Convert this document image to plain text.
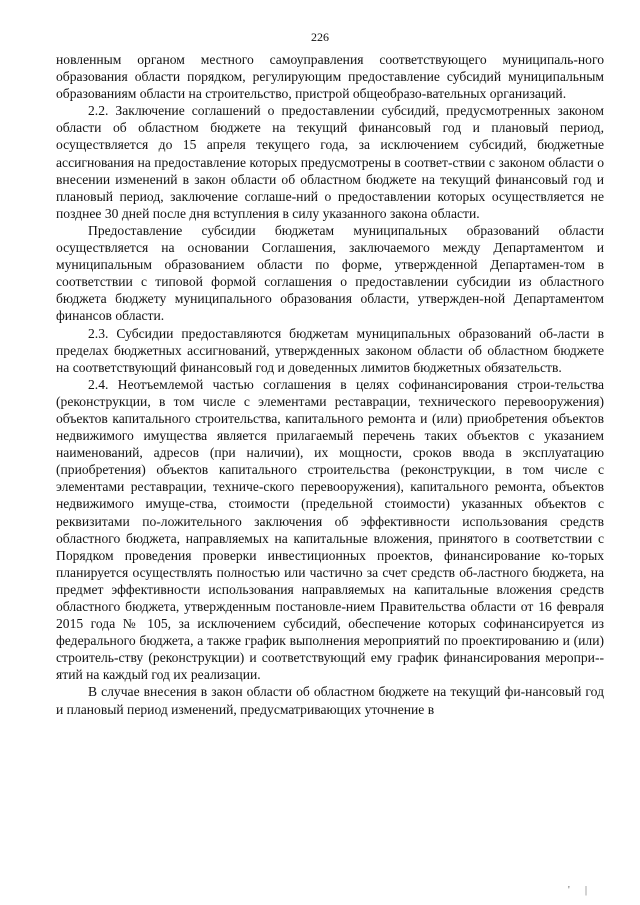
226

новленным органом местного самоуправления соответствующего муниципаль-ного образования области порядком, регулирующим предоставление субсидий муниципальным образованиям области на строительство, пристрой общеобразо-вательных организаций.

2.2. Заключение соглашений о предоставлении субсидий, предусмотренных законом области об областном бюджете на текущий финансовый год и плановый период, осуществляется до 15 апреля текущего года, за исключением субсидий, бюджетные ассигнования на предоставление которых предусмотрены в соответ-ствии с законом области о внесении изменений в закон области об областном бюджете на текущий финансовый год и плановый период, заключение соглаше-ний о предоставлении которых осуществляется не позднее 30 дней после дня вступления в силу указанного закона области.

Предоставление субсидии бюджетам муниципальных образований области осуществляется на основании Соглашения, заключаемого между Департаментом и муниципальным образованием области по форме, утвержденной Департамен-том в соответствии с типовой формой соглашения о предоставлении субсидии из областного бюджета бюджету муниципального образования области, утвержден-ной Департаментом финансов области.

2.3. Субсидии предоставляются бюджетам муниципальных образований об-ласти в пределах бюджетных ассигнований, утвержденных законом области об областном бюджете на соответствующий финансовый год и доведенных лимитов бюджетных обязательств.

2.4. Неотъемлемой частью соглашения в целях софинансирования строи-тельства (реконструкции, в том числе с элементами реставрации, технического перевооружения) объектов капитального строительства, капитального ремонта и (или) приобретения объектов недвижимого имущества является прилагаемый перечень таких объектов с указанием наименований, адресов (при наличии), их мощности, сроков ввода в эксплуатацию (приобретения) объектов капитального строительства (реконструкции, в том числе с элементами реставрации, техниче-ского перевооружения), капитального ремонта, объектов недвижимого имуще-ства, стоимости (предельной стоимости) указанных объектов с реквизитами по-ложительного заключения об эффективности использования средств областного бюджета, направляемых на капитальные вложения, принятого в соответствии с Порядком проведения проверки инвестиционных проектов, финансирование ко-торых планируется осуществлять полностью или частично за счет средств об-ластного бюджета, на предмет эффективности использования направляемых на капитальные вложения средств областного бюджета, утвержденным постановле-нием Правительства области от 16 февраля 2015 года № 105, за исключением субсидий, обеспечение которых софинансируется из федерального бюджета, а также график выполнения мероприятий по проектированию и (или) строитель-ству (реконструкции) и соответствующий ему график финансирования меропри-ятий на каждый год их реализации.

В случае внесения в закон области об областном бюджете на текущий фи-нансовый год и плановый период изменений, предусматривающих уточнение в

' |
